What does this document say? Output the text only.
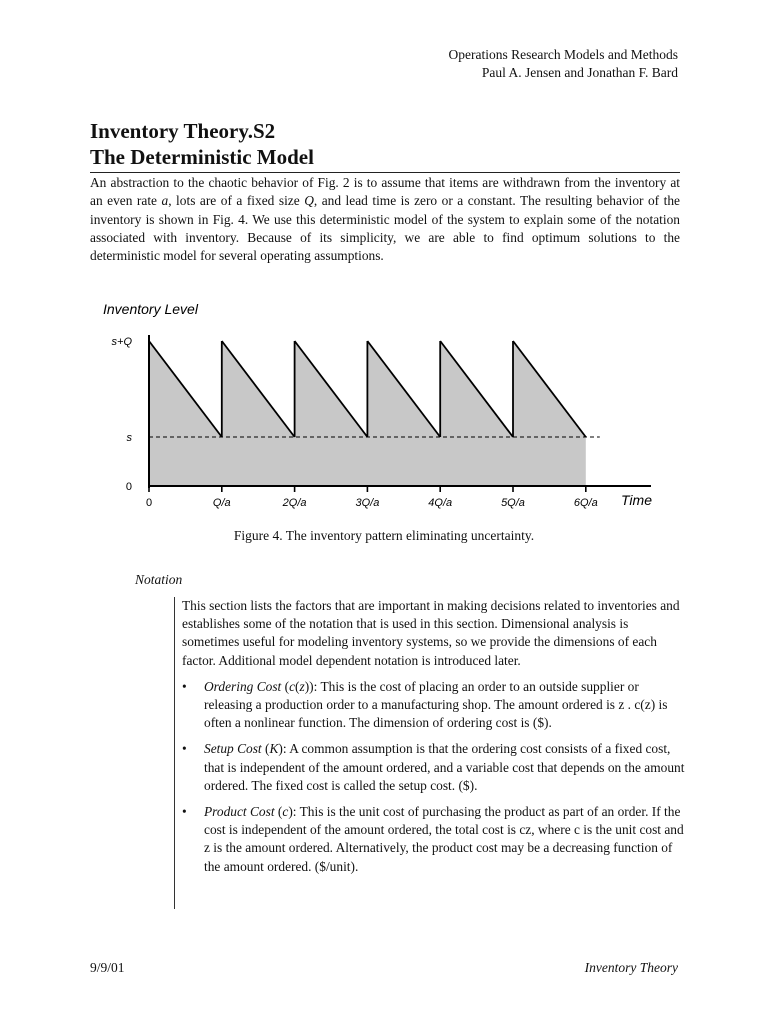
Operations Research Models and Methods
Paul A. Jensen and Jonathan F. Bard
Inventory Theory.S2
The Deterministic Model
An abstraction to the chaotic behavior of Fig. 2 is to assume that items are withdrawn from the inventory at an even rate a, lots are of a fixed size Q, and lead time is zero or a constant. The resulting behavior of the inventory is shown in Fig. 4. We use this deterministic model of the system to explain some of the notation associated with inventory. Because of its simplicity, we are able to find optimum solutions to the deterministic model for several operating assumptions.
Inventory Level
s+Q
s
0
0	Q/a	2Q/a	3Q/a	4Q/a	5Q/a	6Q/a Time
Figure 4. The inventory pattern eliminating uncertainty.
Notation

This section lists the factors that are important in making decisions related to inventories and establishes some of the notation that is used in this section. Dimensional analysis is sometimes useful for modeling inventory systems, so we provide the dimensions of each factor. Additional model dependent notation is introduced later.

• Ordering Cost (c(z)): This is the cost of placing an order to an outside supplier or releasing a production order to a manufacturing shop. The amount ordered is z . c(z) is often a nonlinear function. The dimension of ordering cost is ($).
• Setup Cost (K): A common assumption is that the ordering cost consists of a fixed cost, that is independent of the amount ordered, and a variable cost that depends on the amount ordered. The fixed cost is called the setup cost. ($).
• Product Cost (c): This is the unit cost of purchasing the product as part of an order. If the cost is independent of the amount ordered, the total cost is cz, where c is the unit cost and z is the amount ordered. Alternatively, the product cost may be a decreasing function of the amount ordered. ($/unit).
9/9/01	Inventory Theory
